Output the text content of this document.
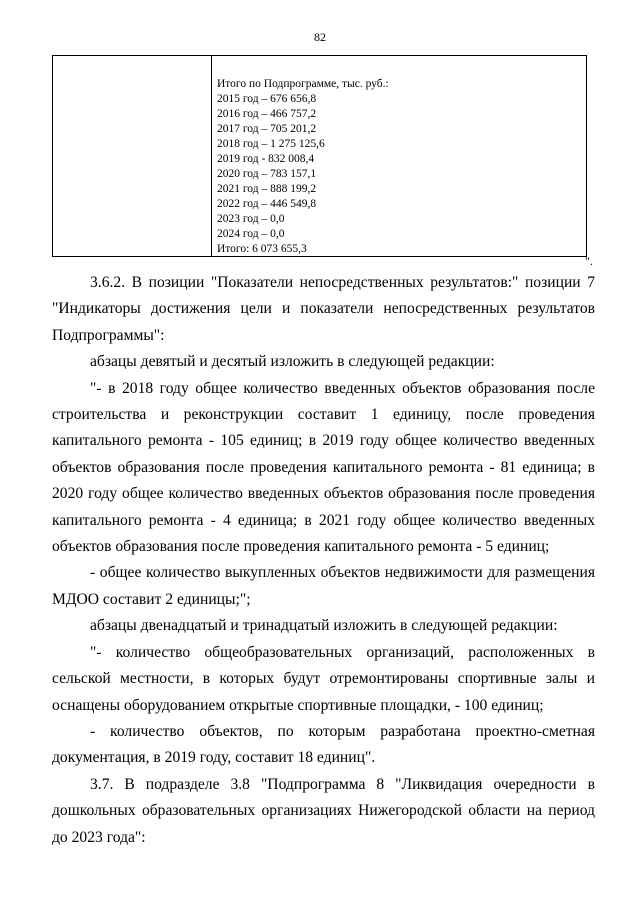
82
Итого по Подпрограмме, тыс. руб.:
2015 год – 676 656,8
2016 год – 466 757,2
2017 год – 705 201,2
2018 год – 1 275 125,6
2019 год - 832 008,4
2020 год – 783 157,1
2021 год – 888 199,2
2022 год – 446 549,8
2023 год – 0,0
2024 год – 0,0
Итого: 6 073 655,3
".

3.6.2. В позиции "Показатели непосредственных результатов:" позиции 7 "Индикаторы достижения цели и показатели непосредственных результатов Подпрограммы":

абзацы девятый и десятый изложить в следующей редакции:

"- в 2018 году общее количество введенных объектов образования после строительства и реконструкции составит 1 единицу, после проведения капитального ремонта - 105 единиц; в 2019 году общее количество введенных объектов образования после проведения капитального ремонта - 81 единица; в 2020 году общее количество введенных объектов образования после проведения капитального ремонта - 4 единица; в 2021 году общее количество введенных объектов образования после проведения капитального ремонта - 5 единиц;

- общее количество выкупленных объектов недвижимости для размещения МДОО составит 2 единицы;";

абзацы двенадцатый и тринадцатый изложить в следующей редакции:

"- количество общеобразовательных организаций, расположенных в сельской местности, в которых будут отремонтированы спортивные залы и оснащены оборудованием открытые спортивные площадки, - 100 единиц;

- количество объектов, по которым разработана проектно-сметная документация, в 2019 году, составит 18 единиц".

3.7. В подразделе 3.8 "Подпрограмма 8 "Ликвидация очередности в дошкольных образовательных организациях Нижегородской области на период до 2023 года":
